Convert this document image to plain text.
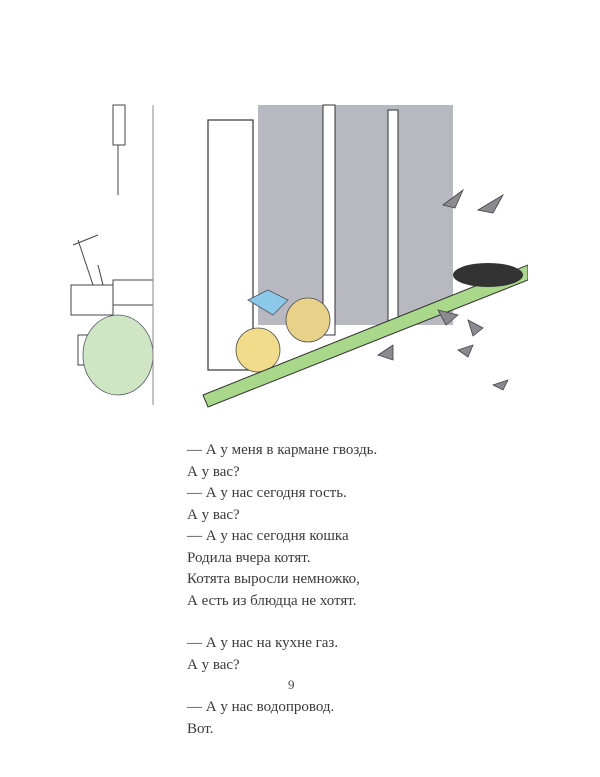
— А у меня в кармане гвоздь.
А у вас?
— А у нас сегодня гость.
А у вас?
— А у нас сегодня кошка
Родила вчера котят.
Котята выросли немножко,
А есть из блюдца не хотят.
— А у нас на кухне газ.
А у вас?
— А у нас водопровод.
Вот.
9
